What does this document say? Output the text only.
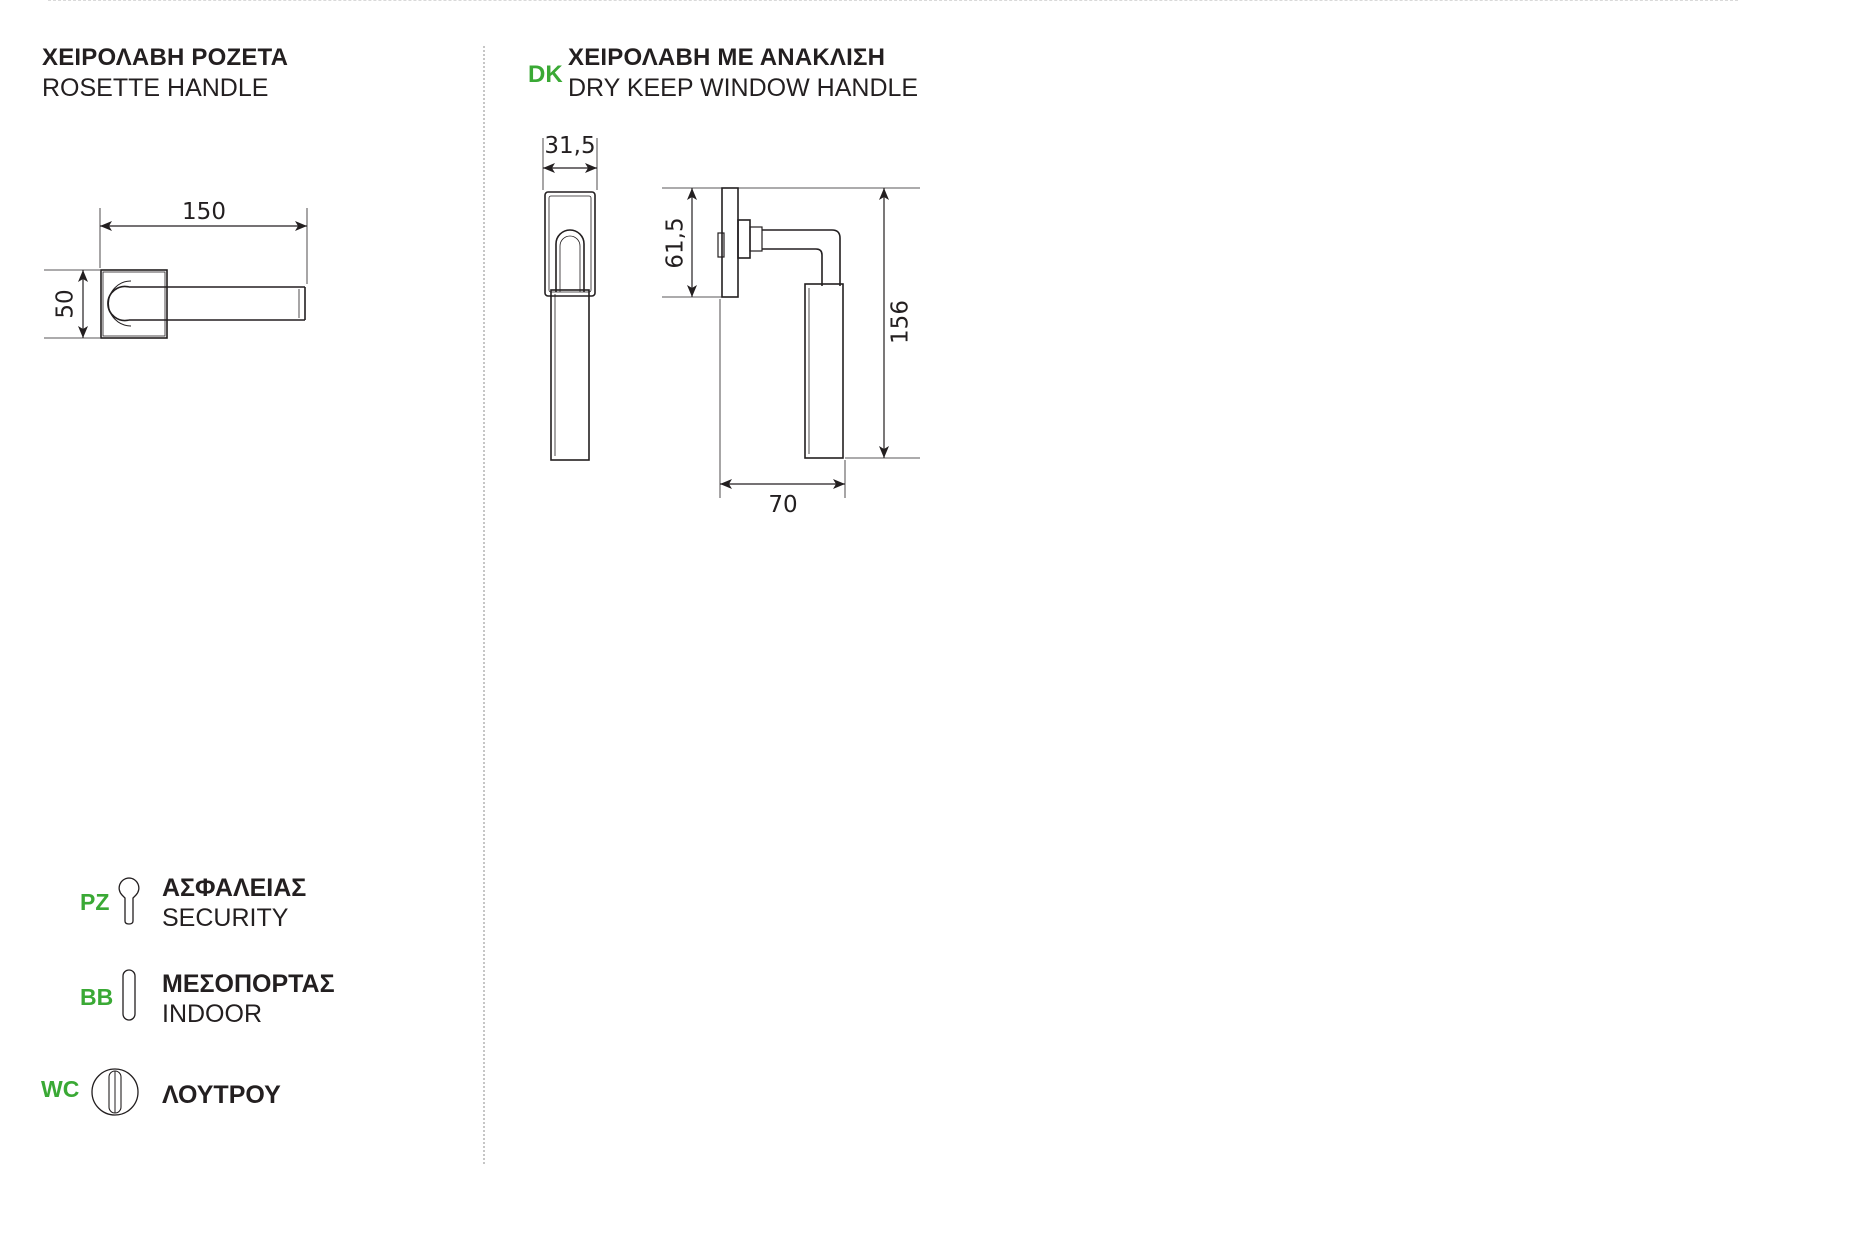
ΧΕΙΡΟΛΑΒΗ ΡΟΖΕΤΑ
ROSETTE HANDLE	DK
ΧΕΙΡΟΛΑΒΗ ΜΕ ΑΝΑΚΛΙΣΗ
DRY KEEP WINDOW HANDLE
150
50
31,5
61,5
156
70
PZ ΑΣΦΑΛΕΙΑΣ
SECURITY
BB ΜΕΣΟΠΟΡΤΑΣ
INDOOR
WC	ΛΟΥΤΡΟΥ
